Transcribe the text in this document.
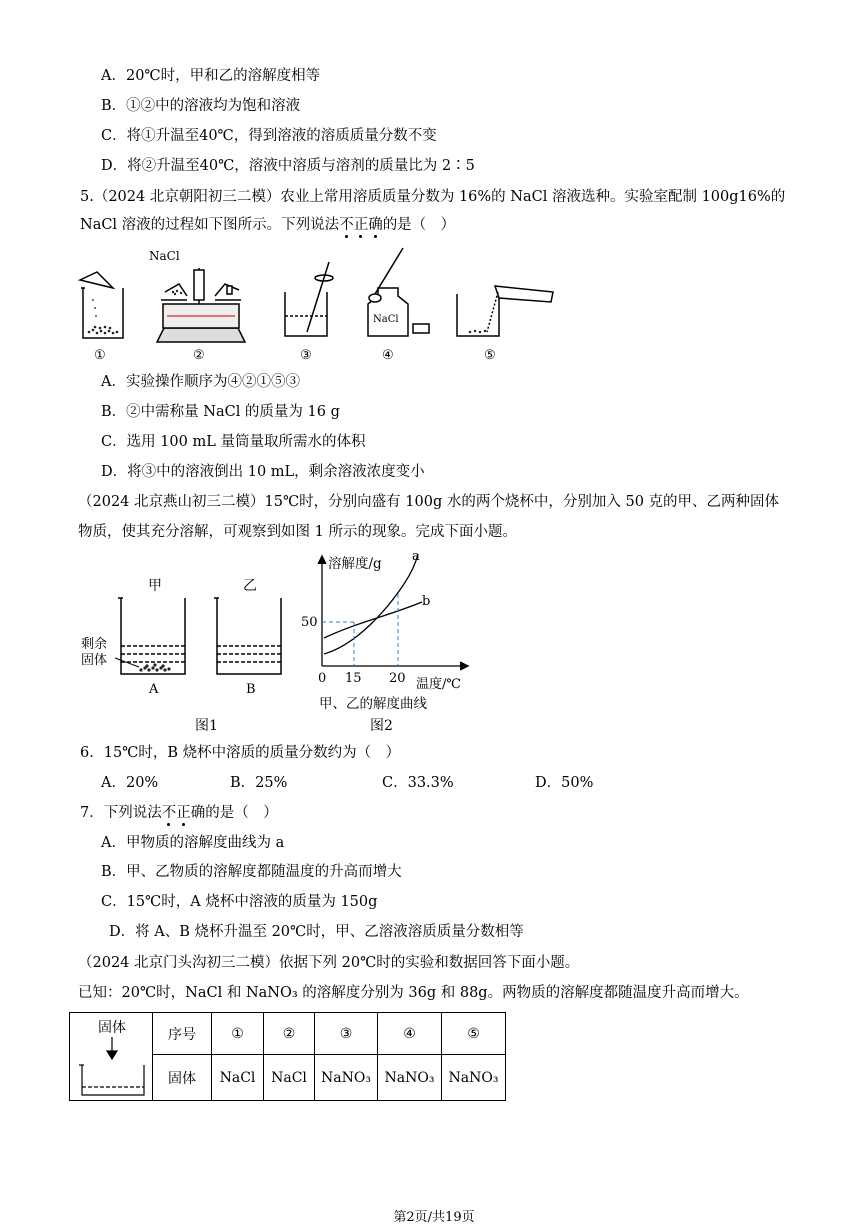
A．20℃时，甲和乙的溶解度相等
B．①②中的溶液均为饱和溶液
C．将①升温至40℃，得到溶液的溶质质量分数不变
D．将②升温至40℃，溶液中溶质与溶剂的质量比为 2∶5
5.（2024 北京朝阳初三二模）农业上常用溶质质量分数为 16%的 NaCl 溶液选种。实验室配制 100g16%的
NaCl 溶液的过程如下图所示。下列说法不正确的是（　）
NaCl
NaCl
①	②	③	④	⑤
A．实验操作顺序为④②①⑤③
B．②中需称量 NaCl 的质量为 16 g
C．选用 100 mL 量筒量取所需水的体积
D．将③中的溶液倒出 10 mL，剩余溶液浓度变小
（2024 北京燕山初三二模）15℃时，分别向盛有 100g 水的两个烧杯中，分别加入 50 克的甲、乙两种固体
物质，使其充分溶解，可观察到如图 1 所示的现象。完成下面小题。
甲	乙
剩余
固体
A	B
图1
溶解度/g a
b
50
0 15 20 温度/℃
甲、乙的解度曲线
图2
6．15℃时，B 烧杯中溶质的质量分数约为（　）
A．20%	B．25%	C．33.3%	D．50%
7．下列说法不正确的是（　）
A．甲物质的溶解度曲线为 a
B．甲、乙物质的溶解度都随温度的升高而增大
C．15℃时，A 烧杯中溶液的质量为 150g
D．将 A、B 烧杯升温至 20℃时，甲、乙溶液溶质质量分数相等
（2024 北京门头沟初三二模）依据下列 20℃时的实验和数据回答下面小题。
已知：20℃时，NaCl 和 NaNO₃ 的溶解度分别为 36g 和 88g。两物质的溶解度都随温度升高而增大。
固体	序号	①	②	③	④	⑤
	固体	NaCl	NaCl	NaNO₃	NaNO₃	NaNO₃
第2页/共19页
